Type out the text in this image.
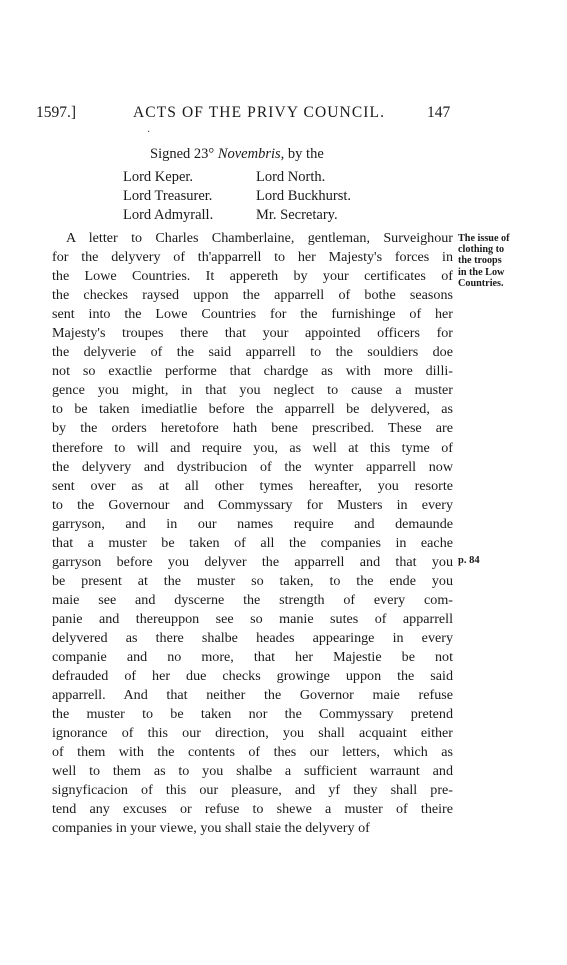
1597.]	ACTS OF THE PRIVY COUNCIL.	147
·
Signed 23° Novembris, by the
Lord Keper.	Lord North.
Lord Treasurer.	Lord Buckhurst.
Lord Admyrall.	Mr. Secretary.
The issue of
clothing to
the troops
in the Low
Countries.
p. 84
A letter to Charles Chamberlaine, gentleman, Surveighour
for the delyvery of th'apparrell to her Majesty's forces in
the Lowe Countries. It appereth by your certificates of
the checkes raysed uppon the apparrell of bothe seasons
sent into the Lowe Countries for the furnishinge of her
Majesty's troupes there that your appointed officers for
the delyverie of the said apparrell to the souldiers doe
not so exactlie performe that chardge as with more dilli-
gence you might, in that you neglect to cause a muster
to be taken imediatlie before the apparrell be delyvered, as
by the orders heretofore hath bene prescribed. These are
therefore to will and require you, as well at this tyme of
the delyvery and dystribucion of the wynter apparrell now
sent over as at all other tymes hereafter, you resorte
to the Governour and Commyssary for Musters in every
garryson, and in our names require and demaunde
that a muster be taken of all the companies in eache
garryson before you delyver the apparrell and that you
be present at the muster so taken, to the ende you
maie see and dyscerne the strength of every com-
panie and thereuppon see so manie sutes of apparrell
delyvered as there shalbe heades appearinge in every
companie and no more, that her Majestie be not
defrauded of her due checks growinge uppon the said
apparrell. And that neither the Governor maie refuse
the muster to be taken nor the Commyssary pretend
ignorance of this our direction, you shall acquaint either
of them with the contents of thes our letters, which as
well to them as to you shalbe a sufficient warraunt and
signyficacion of this our pleasure, and yf they shall pre-
tend any excuses or refuse to shewe a muster of theire
companies in your viewe, you shall staie the delyvery of
